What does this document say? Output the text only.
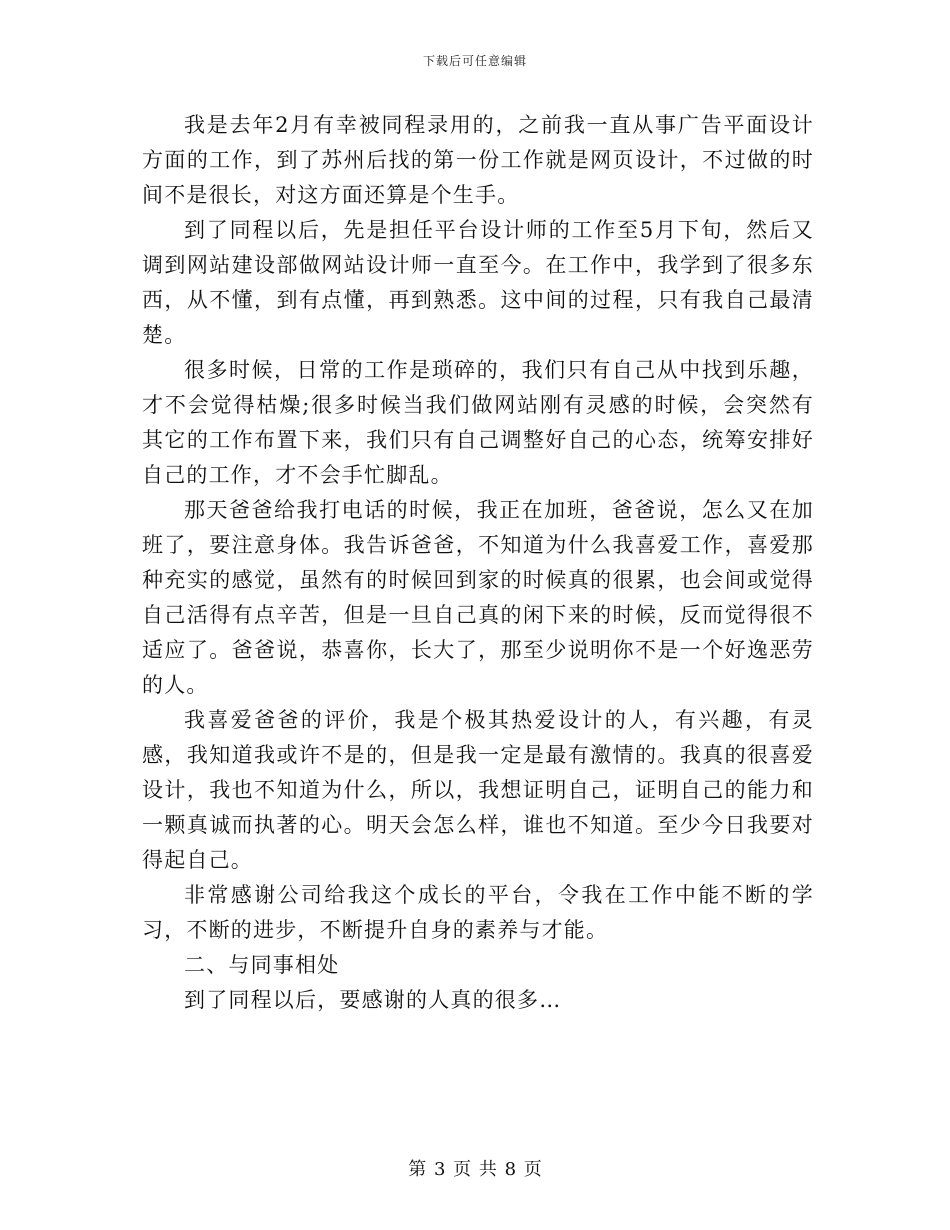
下载后可任意编辑

我是去年2月有幸被同程录用的，之前我一直从事广告平面设计方面的工作，到了苏州后找的第一份工作就是网页设计，不过做的时间不是很长，对这方面还算是个生手。

到了同程以后，先是担任平台设计师的工作至5月下旬，然后又调到网站建设部做网站设计师一直至今。在工作中，我学到了很多东西，从不懂，到有点懂，再到熟悉。这中间的过程，只有我自己最清楚。

很多时候，日常的工作是琐碎的，我们只有自己从中找到乐趣，才不会觉得枯燥;很多时候当我们做网站刚有灵感的时候，会突然有其它的工作布置下来，我们只有自己调整好自己的心态，统筹安排好自己的工作，才不会手忙脚乱。

那天爸爸给我打电话的时候，我正在加班，爸爸说，怎么又在加班了，要注意身体。我告诉爸爸，不知道为什么我喜爱工作，喜爱那种充实的感觉，虽然有的时候回到家的时候真的很累，也会间或觉得自己活得有点辛苦，但是一旦自己真的闲下来的时候，反而觉得很不适应了。爸爸说，恭喜你，长大了，那至少说明你不是一个好逸恶劳的人。

我喜爱爸爸的评价，我是个极其热爱设计的人，有兴趣，有灵感，我知道我或许不是的，但是我一定是最有激情的。我真的很喜爱设计，我也不知道为什么，所以，我想证明自己，证明自己的能力和一颗真诚而执著的心。明天会怎么样，谁也不知道。至少今日我要对得起自己。

非常感谢公司给我这个成长的平台，令我在工作中能不断的学习，不断的进步，不断提升自身的素养与才能。

二、与同事相处

到了同程以后，要感谢的人真的很多…

第 3 页 共 8 页
